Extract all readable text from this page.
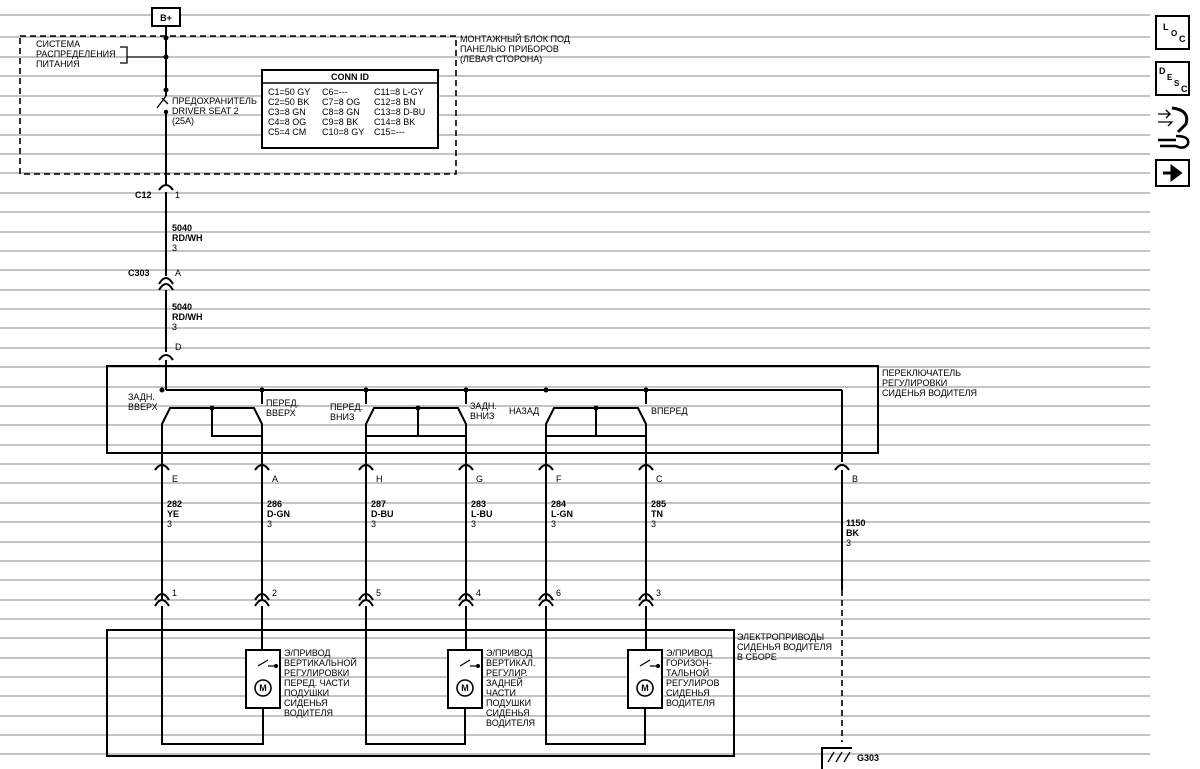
B+
МОНТАЖНЫЙ БЛОК ПОД
ПАНЕЛЬЮ ПРИБОРОВ
(ЛЕВАЯ СТОРОНА)
СИСТЕМА
РАСПРЕДЕЛЕНИЯ
ПИТАНИЯ
ПРЕДОХРАНИТЕЛЬ
DRIVER SEAT 2
(25A)
CONN ID
C1=50 GY C6=---	C11=8 L-GY
C2=50 BK C7=8 OG C12=8 BN
C3=8 GN C8=8 GN C13=8 D-BU
C4=8 OG C9=8 BK C14=8 BK
C5=4 CM C10=8 GY C15=---
C12	1
5040
RD/WH
3
C303	A
5040
RD/WH
3
D
ПЕРЕКЛЮЧАТЕЛЬ
РЕГУЛИРОВКИ
СИДЕНЬЯ ВОДИТЕЛЯ
ЗАДН.
ВВЕРХ	ПЕРЕД.
ВВЕРХ
ПЕРЕД.
ВНИЗ
ЗАДН.
ВНИЗ НАЗАД	ВПЕРЕД
E
282
YE
3
1
A
286
D-GN
3
2
H
287
D-BU
3
5
G
283
L-BU
3
4
F
284
L-GN
3
6
C
285
TN
3
3
B
1150
BK
3
G303
ЭЛЕКТРОПРИВОДЫ
СИДЕНЬЯ ВОДИТЕЛЯ
В СБОРЕ
M
Э/ПРИВОД
ВЕРТИКАЛЬНОЙ
РЕГУЛИРОВКИ
ПЕРЕД. ЧАСТИ
ПОДУШКИ
СИДЕНЬЯ
ВОДИТЕЛЯ
M
Э/ПРИВОД
ВЕРТИКАЛ.
РЕГУЛИР.
ЗАДНЕЙ
ЧАСТИ
ПОДУШКИ
СИДЕНЬЯ
ВОДИТЕЛЯ
M
Э/ПРИВОД
ГОРИЗОН-
ТАЛЬНОЙ
РЕГУЛИРОВ
СИДЕНЬЯ
ВОДИТЕЛЯ
L
O
C
D
E
S
C
